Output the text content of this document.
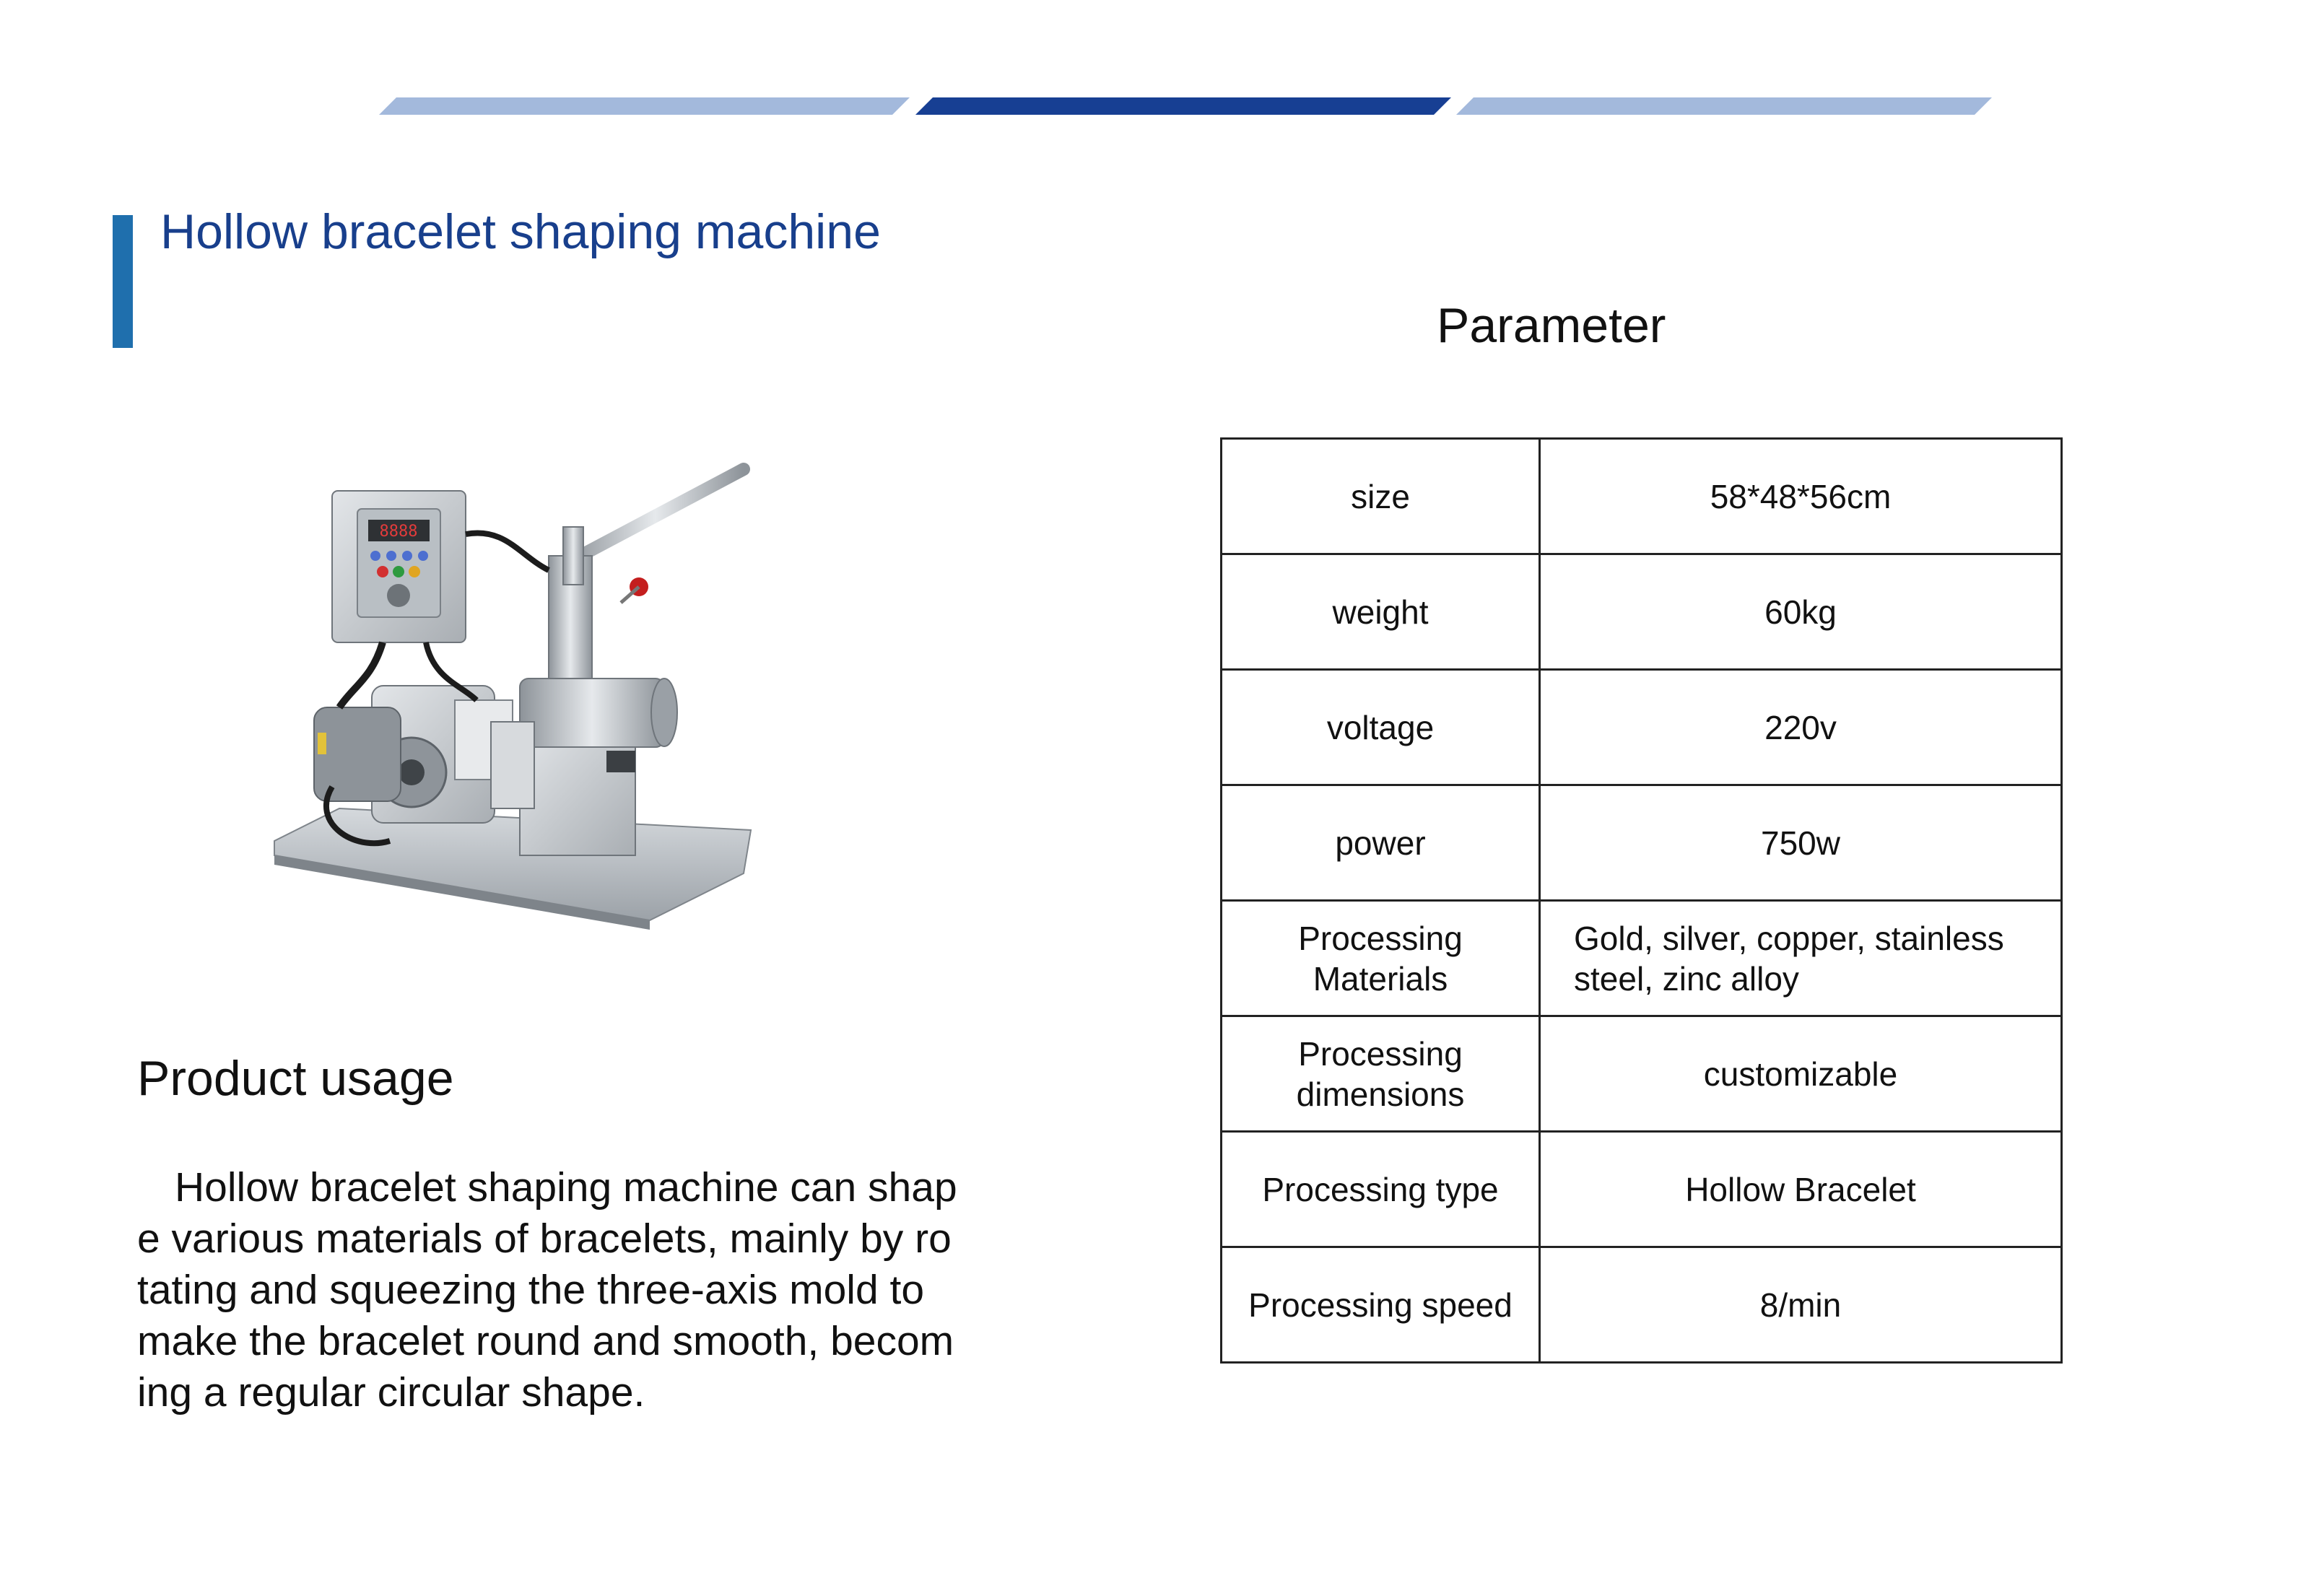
Hollow bracelet shaping machine
Parameter
8888
Product usage
Hollow bracelet shaping machine can shape various materials of bracelets, mainly by rotating and squeezing the three-axis mold to make the bracelet round and smooth, becoming a regular circular shape.
size	58*48*56cm
weight	60kg
voltage	220v
power	750w
Processing Materials	Gold, silver, copper, stainless steel, zinc alloy
Processing dimensions	customizable
Processing type	Hollow Bracelet
Processing speed	8/min
